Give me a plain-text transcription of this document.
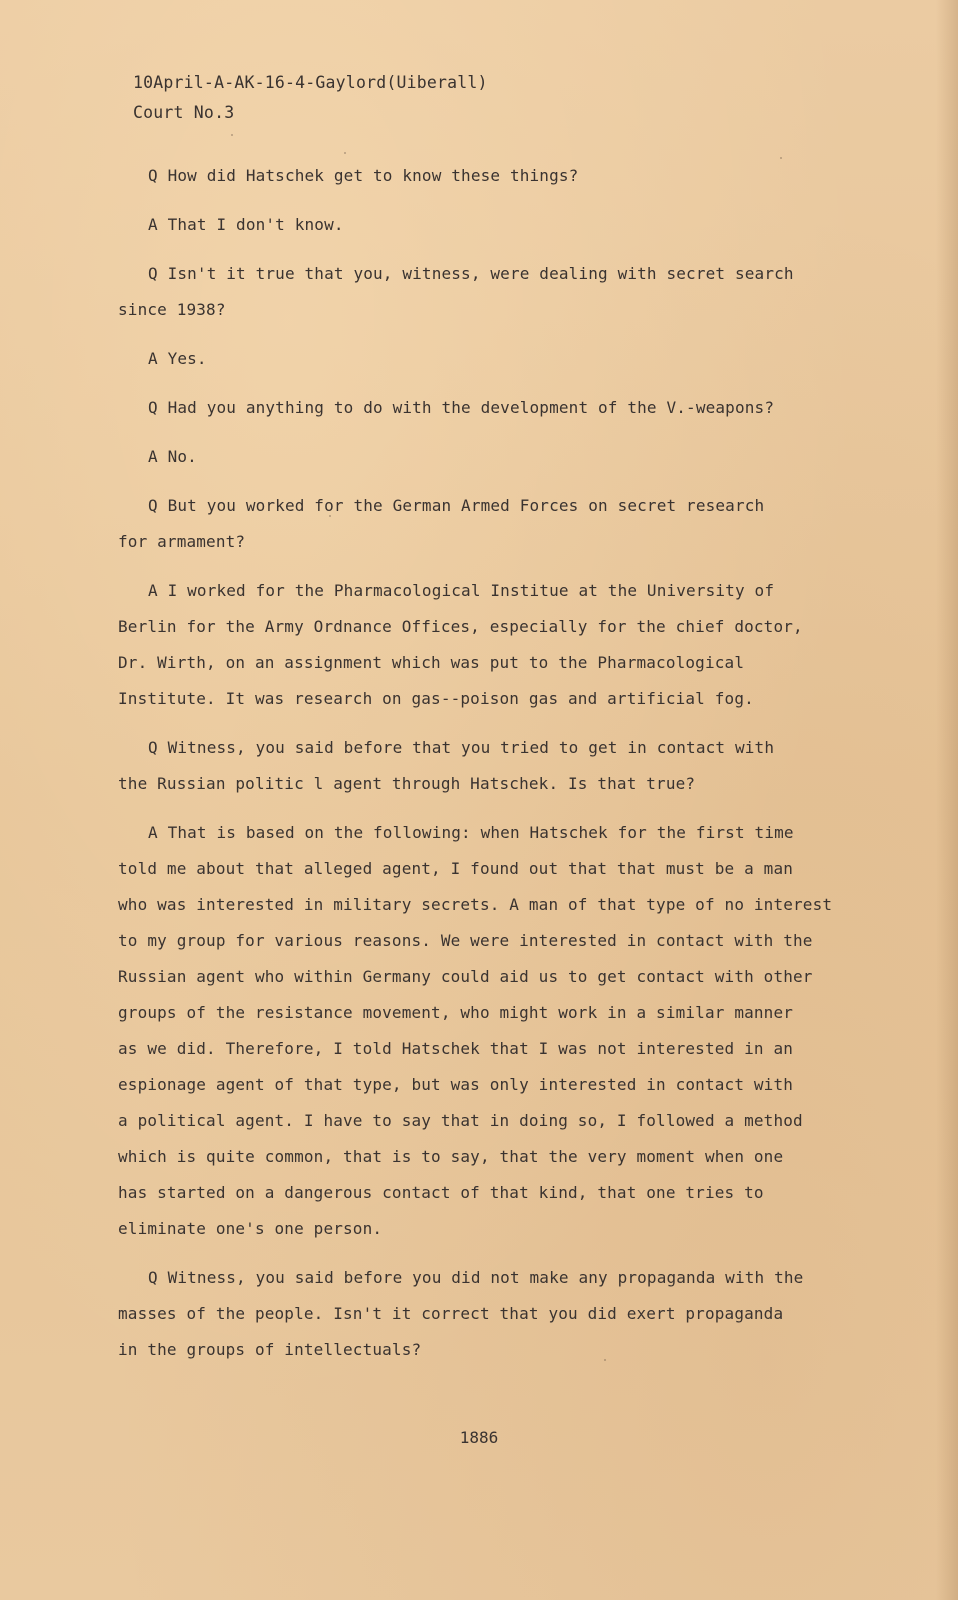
10April-A-AK-16-4-Gaylord(Uiberall)
Court No.3
Q How did Hatschek get to know these things?
A That I don't know.
Q Isn't it true that you, witness, were dealing with secret search
since 1938?
A Yes.
Q Had you anything to do with the development of the V.-weapons?
A No.
Q But you worked for the German Armed Forces on secret research
for armament?
A I worked for the Pharmacological Institue at the University of
Berlin for the Army Ordnance Offices, especially for the chief doctor,
Dr. Wirth, on an assignment which was put to the Pharmacological
Institute. It was research on gas--poison gas and artificial fog.
Q Witness, you said before that you tried to get in contact with
the Russian politic l agent through Hatschek. Is that true?
A That is based on the following: when Hatschek for the first time
told me about that alleged agent, I found out that that must be a man
who was interested in military secrets. A man of that type of no interest
to my group for various reasons. We were interested in contact with the
Russian agent who within Germany could aid us to get contact with other
groups of the resistance movement, who might work in a similar manner
as we did. Therefore, I told Hatschek that I was not interested in an
espionage agent of that type, but was only interested in contact with
a political agent. I have to say that in doing so, I followed a method
which is quite common, that is to say, that the very moment when one
has started on a dangerous contact of that kind, that one tries to
eliminate one's one person.
Q Witness, you said before you did not make any propaganda with the
masses of the people. Isn't it correct that you did exert propaganda
in the groups of intellectuals?
1886
